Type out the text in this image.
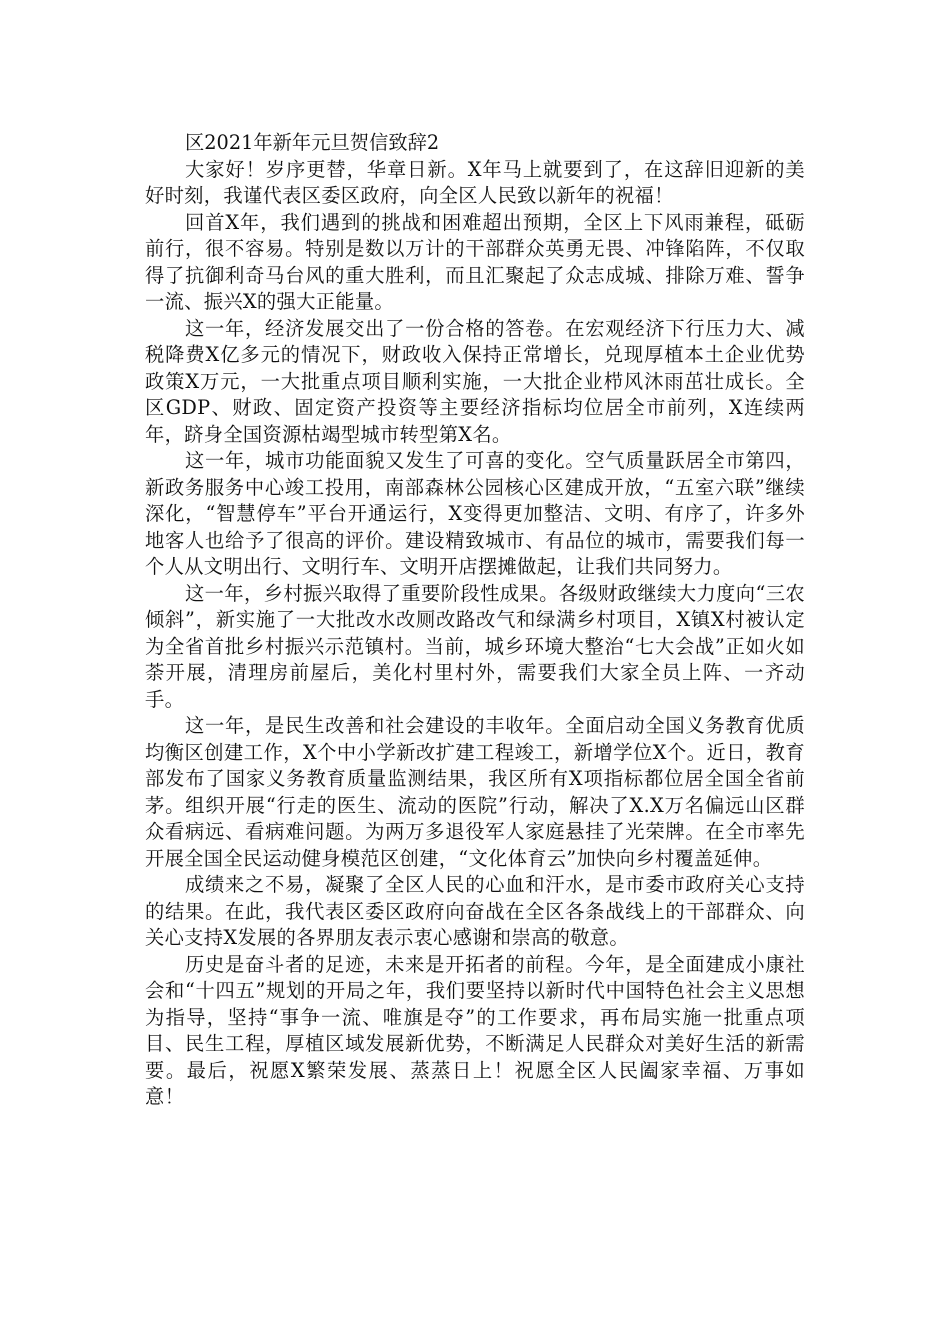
区2021年新年元旦贺信致辞2

大家好！岁序更替，华章日新。X年马上就要到了，在这辞旧迎新的美好时刻，我谨代表区委区政府，向全区人民致以新年的祝福！

回首X年，我们遇到的挑战和困难超出预期，全区上下风雨兼程，砥砺前行，很不容易。特别是数以万计的干部群众英勇无畏、冲锋陷阵，不仅取得了抗御利奇马台风的重大胜利，而且汇聚起了众志成城、排除万难、誓争一流、振兴X的强大正能量。

这一年，经济发展交出了一份合格的答卷。在宏观经济下行压力大、减税降费X亿多元的情况下，财政收入保持正常增长，兑现厚植本土企业优势政策X万元，一大批重点项目顺利实施，一大批企业栉风沐雨茁壮成长。全区GDP、财政、固定资产投资等主要经济指标均位居全市前列，X连续两年，跻身全国资源枯竭型城市转型第X名。

这一年，城市功能面貌又发生了可喜的变化。空气质量跃居全市第四，新政务服务中心竣工投用，南部森林公园核心区建成开放，“五室六联”继续深化，“智慧停车”平台开通运行，X变得更加整洁、文明、有序了，许多外地客人也给予了很高的评价。建设精致城市、有品位的城市，需要我们每一个人从文明出行、文明行车、文明开店摆摊做起，让我们共同努力。

这一年，乡村振兴取得了重要阶段性成果。各级财政继续大力度向“三农倾斜”，新实施了一大批改水改厕改路改气和绿满乡村项目，X镇X村被认定为全省首批乡村振兴示范镇村。当前，城乡环境大整治“七大会战”正如火如荼开展，清理房前屋后，美化村里村外，需要我们大家全员上阵、一齐动手。

这一年，是民生改善和社会建设的丰收年。全面启动全国义务教育优质均衡区创建工作，X个中小学新改扩建工程竣工，新增学位X个。近日，教育部发布了国家义务教育质量监测结果，我区所有X项指标都位居全国全省前茅。组织开展“行走的医生、流动的医院”行动，解决了X.X万名偏远山区群众看病远、看病难问题。为两万多退役军人家庭悬挂了光荣牌。在全市率先开展全国全民运动健身模范区创建，“文化体育云”加快向乡村覆盖延伸。

成绩来之不易，凝聚了全区人民的心血和汗水，是市委市政府关心支持的结果。在此，我代表区委区政府向奋战在全区各条战线上的干部群众、向关心支持X发展的各界朋友表示衷心感谢和崇高的敬意。

历史是奋斗者的足迹，未来是开拓者的前程。今年，是全面建成小康社会和“十四五”规划的开局之年，我们要坚持以新时代中国特色社会主义思想为指导，坚持“事争一流、唯旗是夺”的工作要求，再布局实施一批重点项目、民生工程，厚植区域发展新优势，不断满足人民群众对美好生活的新需要。最后，祝愿X繁荣发展、蒸蒸日上！祝愿全区人民阖家幸福、万事如意！
